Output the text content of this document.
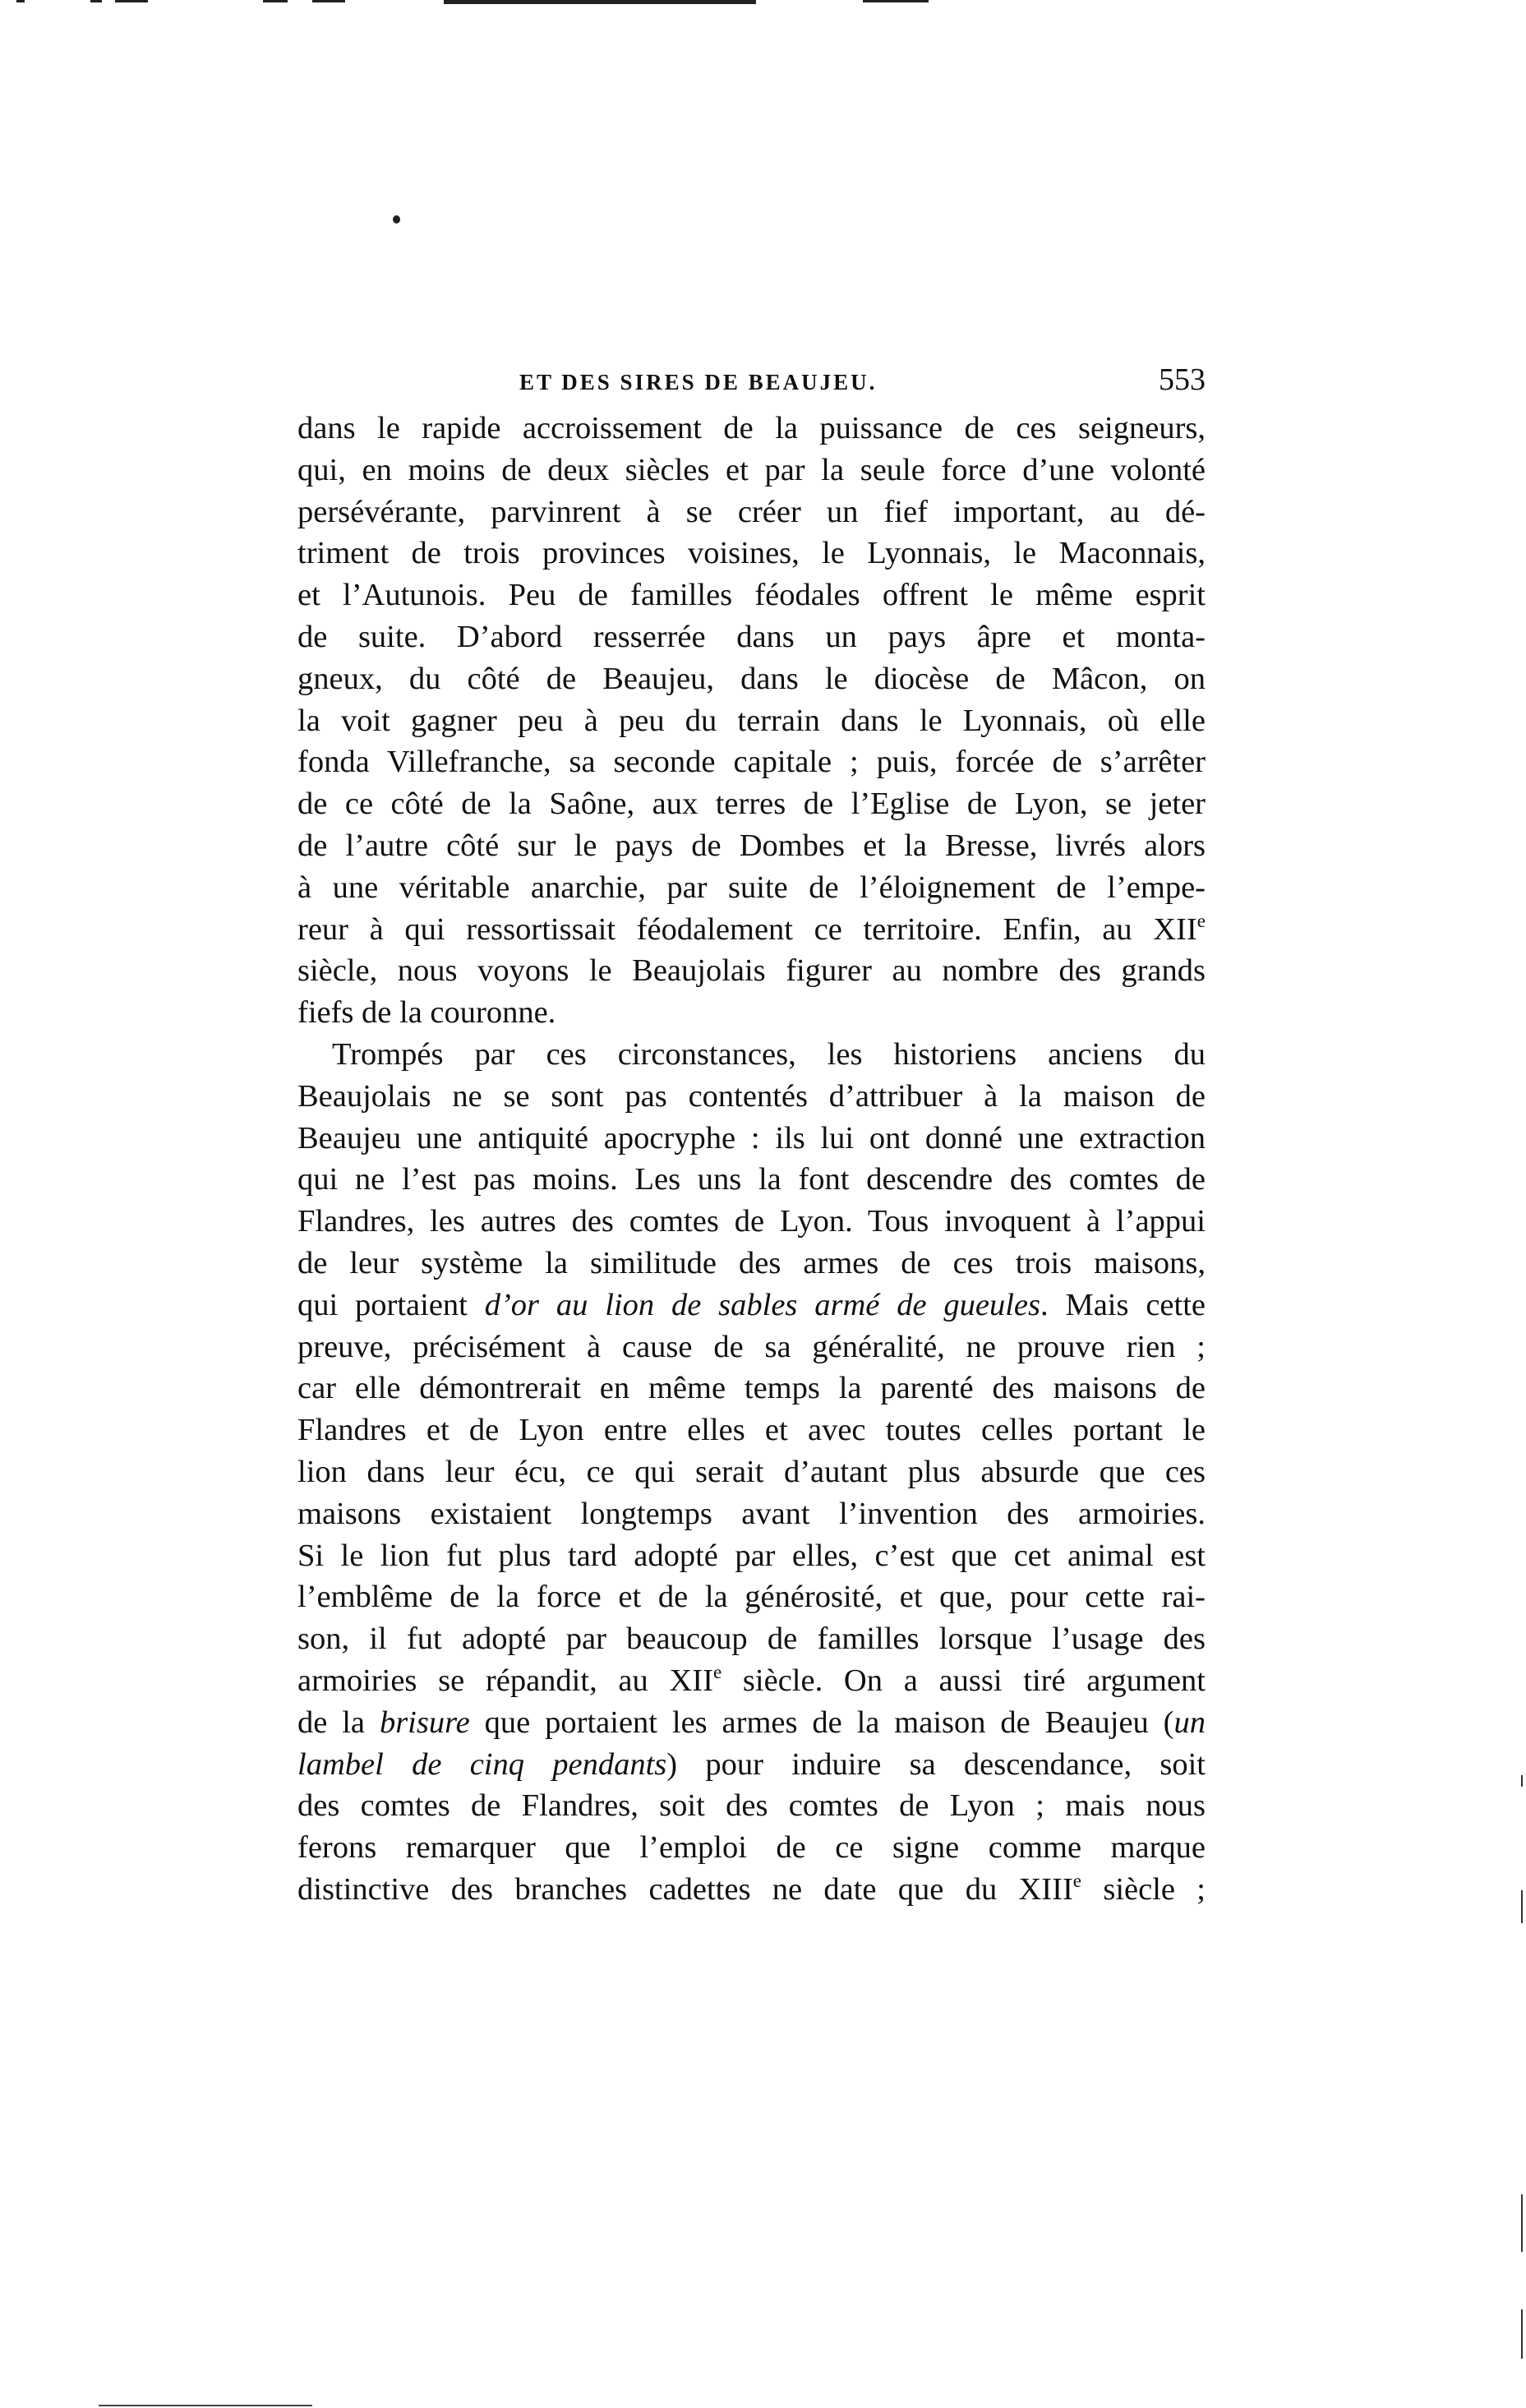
ET DES SIRES DE BEAUJEU.	553
dans le rapide accroissement de la puissance de ces seigneurs,
qui, en moins de deux siècles et par la seule force d’une volonté
persévérante, parvinrent à se créer un fief important, au dé-
triment de trois provinces voisines, le Lyonnais, le Maconnais,
et l’Autunois. Peu de familles féodales offrent le même esprit
de suite. D’abord resserrée dans un pays âpre et monta-
gneux, du côté de Beaujeu, dans le diocèse de Mâcon, on
la voit gagner peu à peu du terrain dans le Lyonnais, où elle
fonda Villefranche, sa seconde capitale ; puis, forcée de s’arrêter
de ce côté de la Saône, aux terres de l’Eglise de Lyon, se jeter
de l’autre côté sur le pays de Dombes et la Bresse, livrés alors
à une véritable anarchie, par suite de l’éloignement de l’empe-
reur à qui ressortissait féodalement ce territoire. Enfin, au XIIe
siècle, nous voyons le Beaujolais figurer au nombre des grands
fiefs de la couronne.
Trompés par ces circonstances, les historiens anciens du
Beaujolais ne se sont pas contentés d’attribuer à la maison de
Beaujeu une antiquité apocryphe : ils lui ont donné une extraction
qui ne l’est pas moins. Les uns la font descendre des comtes de
Flandres, les autres des comtes de Lyon. Tous invoquent à l’appui
de leur système la similitude des armes de ces trois maisons,
qui portaient d’or au lion de sables armé de gueules. Mais cette
preuve, précisément à cause de sa généralité, ne prouve rien ;
car elle démontrerait en même temps la parenté des maisons de
Flandres et de Lyon entre elles et avec toutes celles portant le
lion dans leur écu, ce qui serait d’autant plus absurde que ces
maisons existaient longtemps avant l’invention des armoiries.
Si le lion fut plus tard adopté par elles, c’est que cet animal est
l’emblême de la force et de la générosité, et que, pour cette rai-
son, il fut adopté par beaucoup de familles lorsque l’usage des
armoiries se répandit, au XIIe siècle. On a aussi tiré argument
de la brisure que portaient les armes de la maison de Beaujeu (un
lambel de cinq pendants) pour induire sa descendance, soit
des comtes de Flandres, soit des comtes de Lyon ; mais nous
ferons remarquer que l’emploi de ce signe comme marque
distinctive des branches cadettes ne date que du XIIIe siècle ;
